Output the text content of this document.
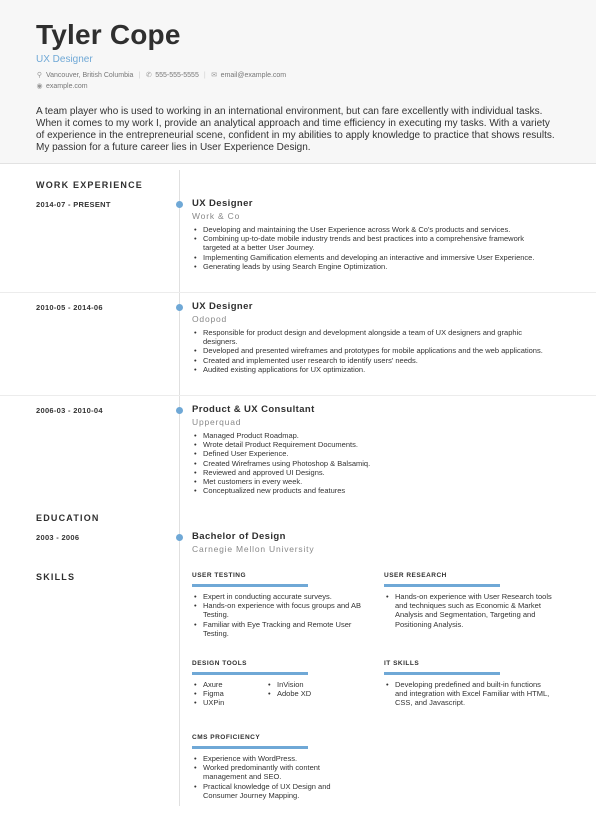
Tyler Cope
UX Designer
⚲ Vancouver, British Columbia | ✆ 555-555-5555 | ✉ email@example.com
◉ example.com
A team player who is used to working in an international environment, but can fare excellently with individual tasks. When it comes to my work I, provide an analytical approach and time efficiency in executing my tasks. With a variety of experience in the entrepreneurial scene, confident in my abilities to apply knowledge to practice that shows results. My passion for a future career lies in User Experience Design.
WORK EXPERIENCE
2014-07 - PRESENT	UX Designer
Work & Co
• Developing and maintaining the User Experience across Work & Co's products and services.
• Combining up-to-date mobile industry trends and best practices into a comprehensive framework targeted at a better User Journey.
• Implementing Gamification elements and developing an interactive and immersive User Experience.
• Generating leads by using Search Engine Optimization.
2010-05 - 2014-06	UX Designer
Odopod
• Responsible for product design and development alongside a team of UX designers and graphic designers.
• Developed and presented wireframes and prototypes for mobile applications and the web applications.
• Created and implemented user research to identify users' needs.
• Audited existing applications for UX optimization.
2006-03 - 2010-04	Product & UX Consultant
Upperquad
• Managed Product Roadmap.
• Wrote detail Product Requirement Documents.
• Defined User Experience.
• Created Wireframes using Photoshop & Balsamiq.
• Reviewed and approved UI Designs.
• Met customers in every week.
• Conceptualized new products and features
EDUCATION
2003 - 2006	Bachelor of Design
Carnegie Mellon University
SKILLS	USER TESTING
• Expert in conducting accurate surveys.
• Hands-on experience with focus groups and AB Testing.
• Familiar with Eye Tracking and Remote User Testing.
USER RESEARCH
• Hands-on experience with User Research tools and techniques such as Economic & Market Analysis and Segmentation, Targeting and Positioning Analysis.
DESIGN TOOLS
• Axure
• Figma
• UXPin
• InVision
• Adobe XD
IT SKILLS
• Developing predefined and built-in functions and integration with Excel Familiar with HTML, CSS, and Javascript.
CMS PROFICIENCY
• Experience with WordPress.
• Worked predominantly with content management and SEO.
• Practical knowledge of UX Design and Consumer Journey Mapping.
